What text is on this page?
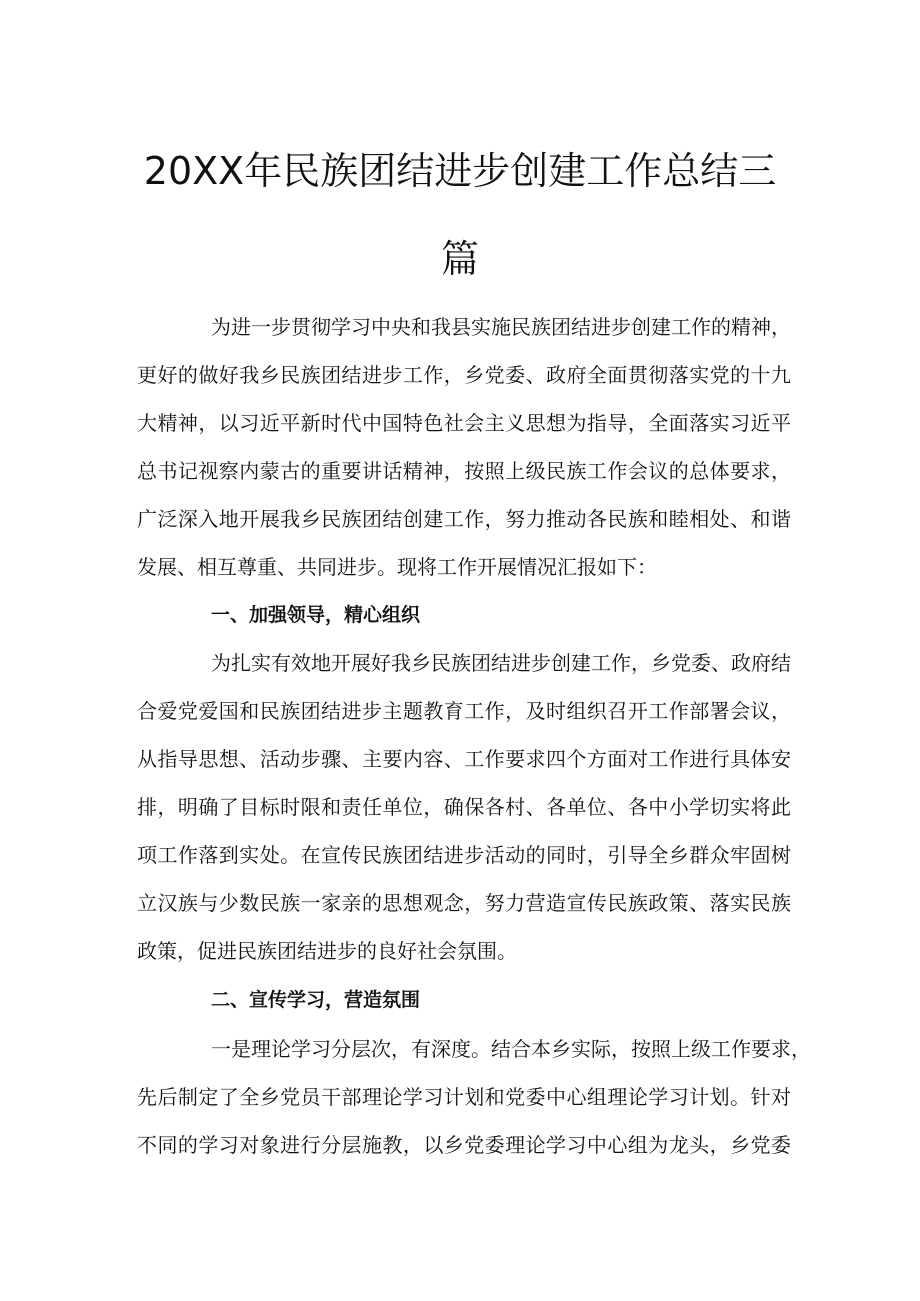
20XX年民族团结进步创建工作总结三
篇
为进一步贯彻学习中央和我县实施民族团结进步创建工作的精神，
更好的做好我乡民族团结进步工作，乡党委、政府全面贯彻落实党的十九
大精神，以习近平新时代中国特色社会主义思想为指导，全面落实习近平
总书记视察内蒙古的重要讲话精神，按照上级民族工作会议的总体要求，
广泛深入地开展我乡民族团结创建工作，努力推动各民族和睦相处、和谐
发展、相互尊重、共同进步。现将工作开展情况汇报如下：
一、加强领导，精心组织
为扎实有效地开展好我乡民族团结进步创建工作，乡党委、政府结
合爱党爱国和民族团结进步主题教育工作，及时组织召开工作部署会议，
从指导思想、活动步骤、主要内容、工作要求四个方面对工作进行具体安
排，明确了目标时限和责任单位，确保各村、各单位、各中小学切实将此
项工作落到实处。在宣传民族团结进步活动的同时，引导全乡群众牢固树
立汉族与少数民族一家亲的思想观念，努力营造宣传民族政策、落实民族
政策，促进民族团结进步的良好社会氛围。
二、宣传学习，营造氛围
一是理论学习分层次，有深度。结合本乡实际，按照上级工作要求，
先后制定了全乡党员干部理论学习计划和党委中心组理论学习计划。针对
不同的学习对象进行分层施教，以乡党委理论学习中心组为龙头，乡党委
